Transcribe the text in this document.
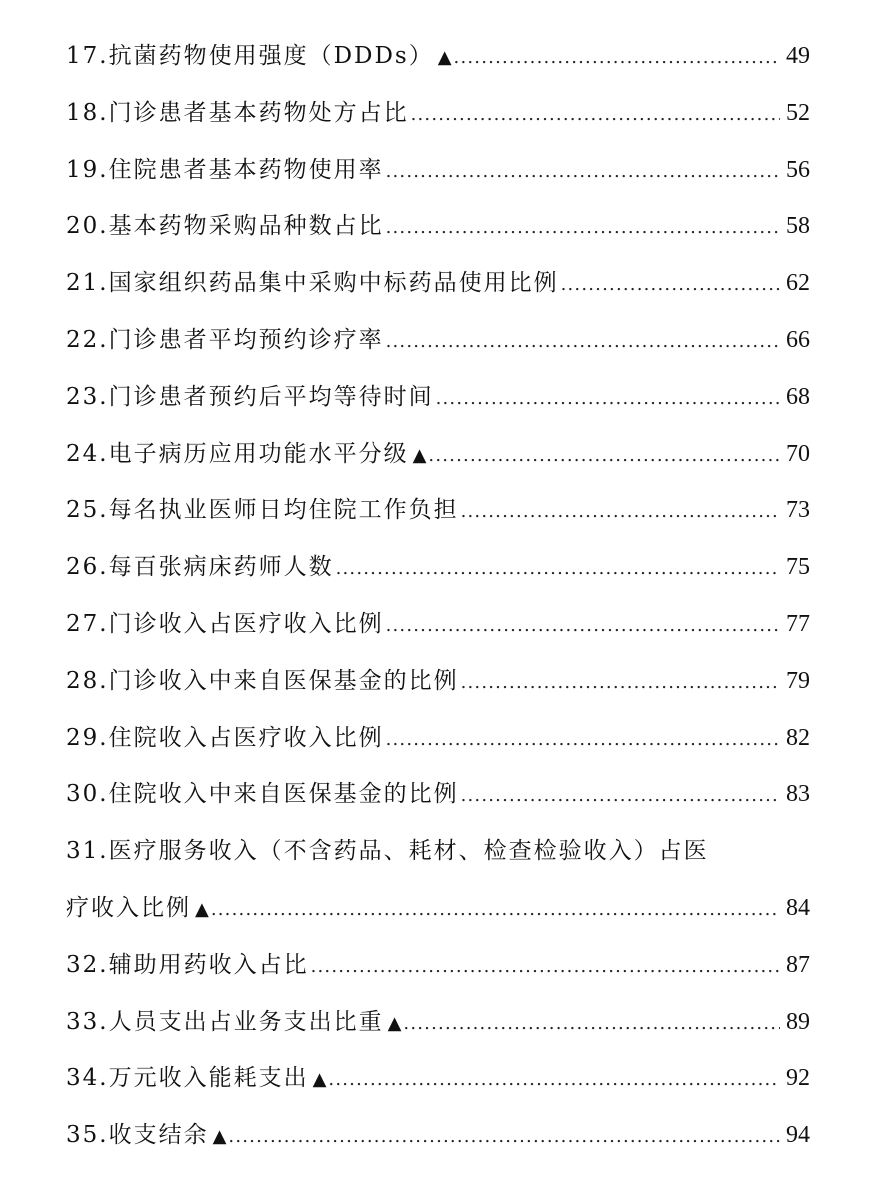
17.抗菌药物使用强度（DDDs） ▲ .....	49
18.门诊患者基本药物处方占比 .....	52
19.住院患者基本药物使用率 .....	56
20.基本药物采购品种数占比 .....	58
21.国家组织药品集中采购中标药品使用比例 .....	62
22.门诊患者平均预约诊疗率 .....	66
23.门诊患者预约后平均等待时间 .....	68
24.电子病历应用功能水平分级 ▲ .....	70
25.每名执业医师日均住院工作负担 .....	73
26.每百张病床药师人数 .....	75
27.门诊收入占医疗收入比例 .....	77
28.门诊收入中来自医保基金的比例 .....	79
29.住院收入占医疗收入比例 .....	82
30.住院收入中来自医保基金的比例 .....	83
31.医疗服务收入（不含药品、耗材、检查检验收入）占医
疗收入比例 ▲ .....	84
32.辅助用药收入占比 .....	87
33.人员支出占业务支出比重 ▲ .....	89
34.万元收入能耗支出 ▲ .....	92
35.收支结余 ▲ .....	94
